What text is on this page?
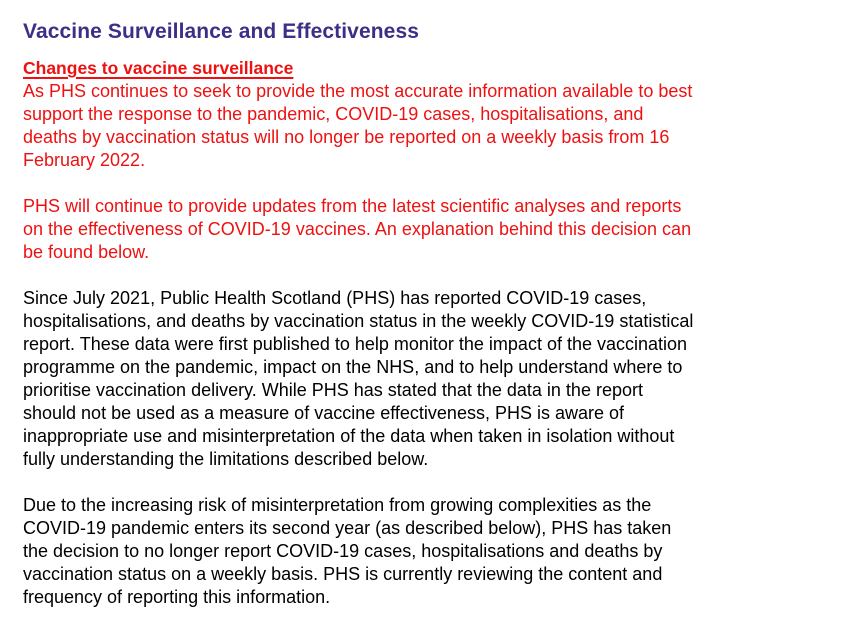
Vaccine Surveillance and Effectiveness
Changes to vaccine surveillance

As PHS continues to seek to provide the most accurate information available to best
support the response to the pandemic, COVID-19 cases, hospitalisations, and
deaths by vaccination status will no longer be reported on a weekly basis from 16
February 2022.

PHS will continue to provide updates from the latest scientific analyses and reports
on the effectiveness of COVID-19 vaccines. An explanation behind this decision can
be found below.

Since July 2021, Public Health Scotland (PHS) has reported COVID-19 cases,
hospitalisations, and deaths by vaccination status in the weekly COVID-19 statistical
report. These data were first published to help monitor the impact of the vaccination
programme on the pandemic, impact on the NHS, and to help understand where to
prioritise vaccination delivery. While PHS has stated that the data in the report
should not be used as a measure of vaccine effectiveness, PHS is aware of
inappropriate use and misinterpretation of the data when taken in isolation without
fully understanding the limitations described below.

Due to the increasing risk of misinterpretation from growing complexities as the
COVID-19 pandemic enters its second year (as described below), PHS has taken
the decision to no longer report COVID-19 cases, hospitalisations and deaths by
vaccination status on a weekly basis. PHS is currently reviewing the content and
frequency of reporting this information.
